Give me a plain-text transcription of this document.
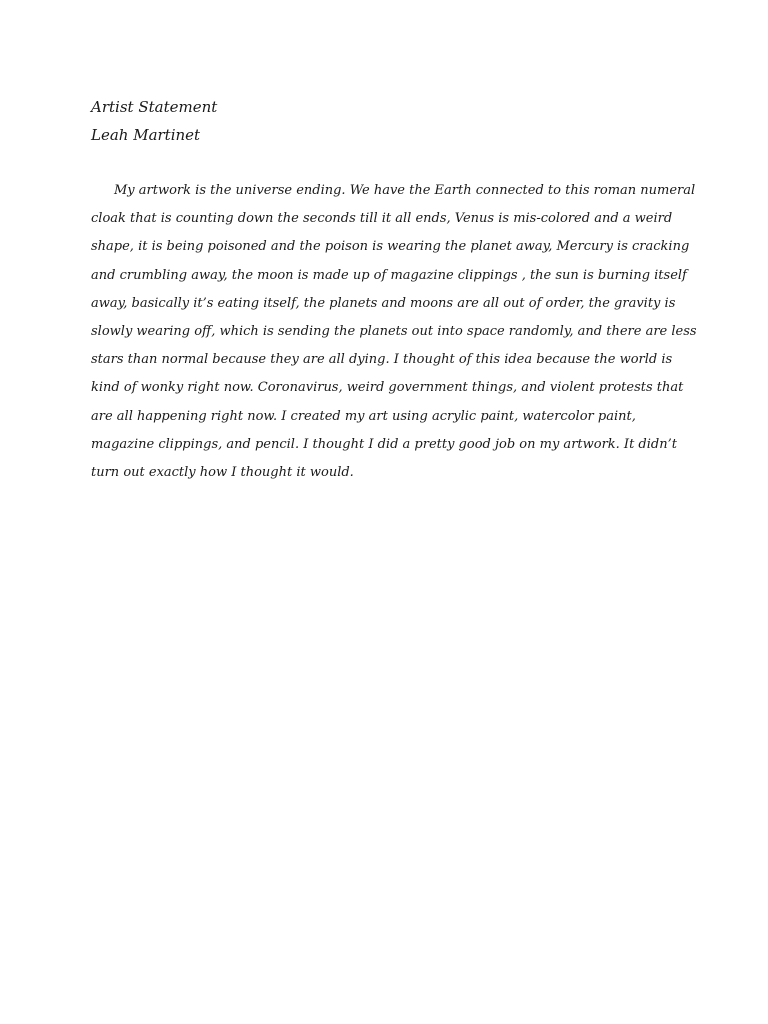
Artist Statement
Leah Martinet
My artwork is the universe ending. We have the Earth connected to this roman numeral
cloak that is counting down the seconds till it all ends, Venus is mis-colored and a weird
shape, it is being poisoned and the poison is wearing the planet away, Mercury is cracking
and crumbling away, the moon is made up of magazine clippings , the sun is burning itself
away, basically it’s eating itself, the planets and moons are all out of order, the gravity is
slowly wearing off, which is sending the planets out into space randomly, and there are less
stars than normal because they are all dying. I thought of this idea because the world is
kind of wonky right now. Coronavirus, weird government things, and violent protests that
are all happening right now. I created my art using acrylic paint, watercolor paint,
magazine clippings, and pencil. I thought I did a pretty good job on my artwork. It didn’t
turn out exactly how I thought it would.
